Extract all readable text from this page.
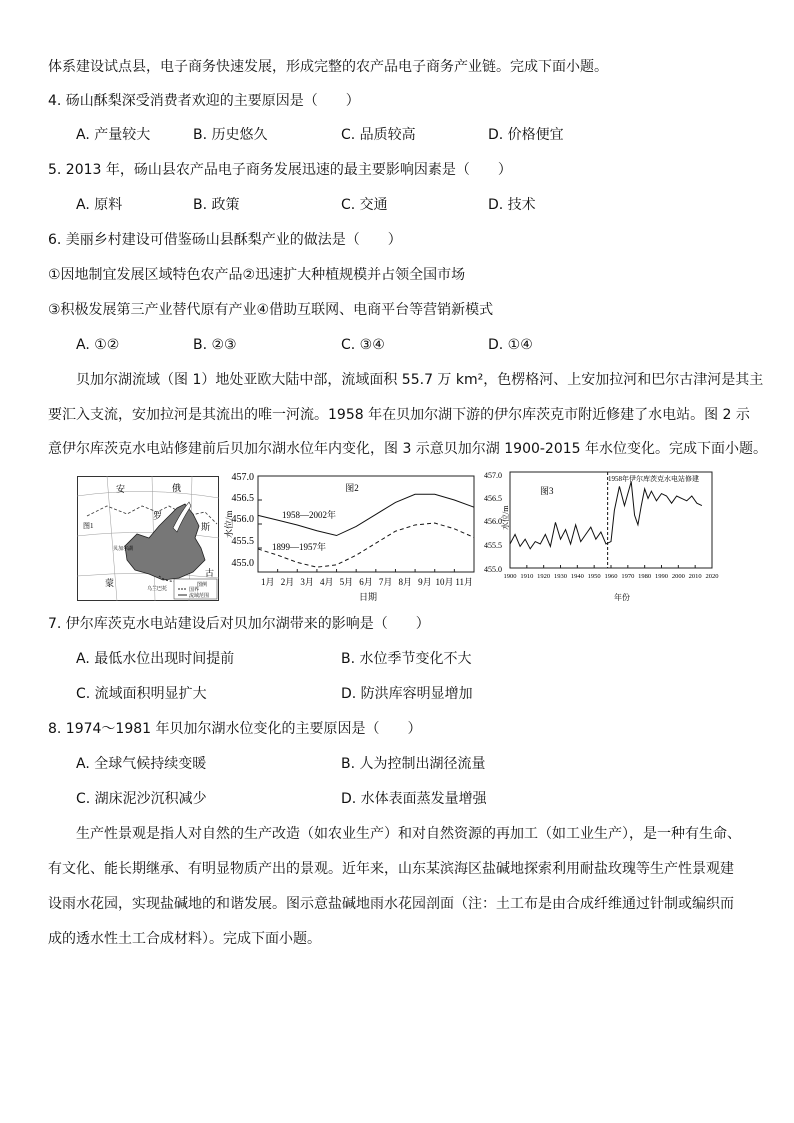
体系建设试点县，电子商务快速发展，形成完整的农产品电子商务产业链。完成下面小题。
4. 砀山酥梨深受消费者欢迎的主要原因是（　　）
A. 产量较大	B. 历史悠久	C. 品质较高	D. 价格便宜
5. 2013 年，砀山县农产品电子商务发展迅速的最主要影响因素是（　　）
A. 原料	B. 政策	C. 交通	D. 技术
6. 美丽乡村建设可借鉴砀山县酥梨产业的做法是（　　）
①因地制宜发展区域特色农产品②迅速扩大种植规模并占领全国市场
③积极发展第三产业替代原有产业④借助互联网、电商平台等营销新模式
A. ①②	B. ②③	C. ③④	D. ①④
贝加尔湖流域（图 1）地处亚欧大陆中部，流域面积 55.7 万 km²，色楞格河、上安加拉河和巴尔古津河是其主
要汇入支流，安加拉河是其流出的唯一河流。1958 年在贝加尔湖下游的伊尔库茨克市附近修建了水电站。图 2 示
意伊尔库茨克水电站修建前后贝加尔湖水位年内变化，图 3 示意贝加尔湖 1900-2015 年水位变化。完成下面小题。
图1
安	俄
罗
斯
贝加尔湖
蒙
古
图例
国界
流域范围
乌兰巴托
457.0
456.5
456.0
455.5
455.0
水位/m
图2
1958—2002年
1899—1957年
日期
1月 2月 3月 4月 5月 6月 7月 8月 9月 10月 11月
457.0
456.5
456.0
455.5
455.0
水位/m
图3
1958年伊尔库茨克水电站修建
年份
1900 1910 1920 1930 1940 1950 1960 1970 1980 1990 2000 2010 2020
7. 伊尔库茨克水电站建设后对贝加尔湖带来的影响是（　　）
A. 最低水位出现时间提前	B. 水位季节变化不大
C. 流域面积明显扩大	D. 防洪库容明显增加
8. 1974～1981 年贝加尔湖水位变化的主要原因是（　　）
A. 全球气候持续变暖	B. 人为控制出湖径流量
C. 湖床泥沙沉积减少	D. 水体表面蒸发量增强
生产性景观是指人对自然的生产改造（如农业生产）和对自然资源的再加工（如工业生产），是一种有生命、
有文化、能长期继承、有明显物质产出的景观。近年来，山东某滨海区盐碱地探索利用耐盐玫瑰等生产性景观建
设雨水花园，实现盐碱地的和谐发展。图示意盐碱地雨水花园剖面（注：土工布是由合成纤维通过针制或编织而
成的透水性土工合成材料）。完成下面小题。
